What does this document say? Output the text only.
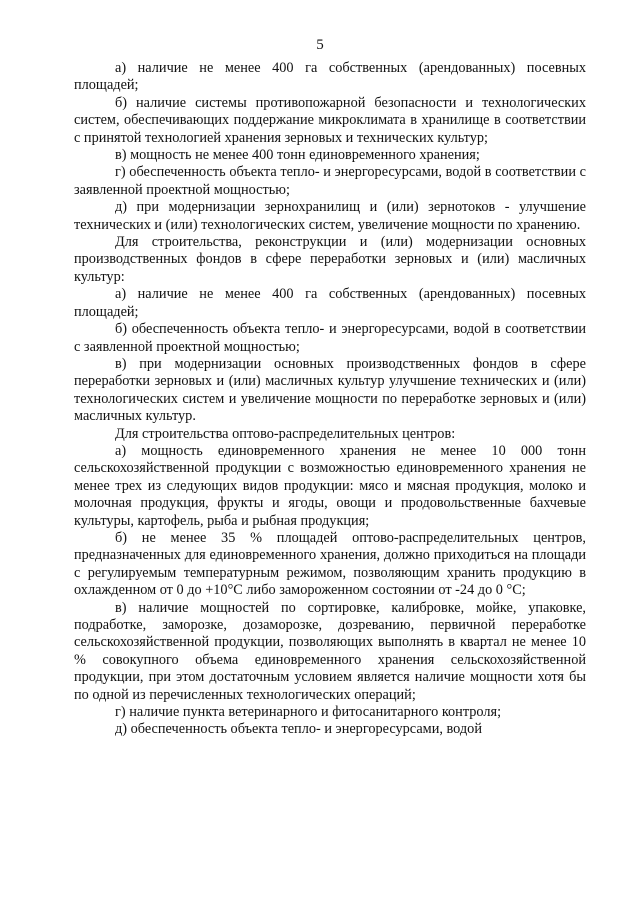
5

а) наличие не менее 400 га собственных (арендованных) посевных площадей;

б) наличие системы противопожарной безопасности и технологических систем, обеспечивающих поддержание микроклимата в хранилище в соответствии с принятой технологией хранения зерновых и технических культур;

в) мощность не менее 400 тонн единовременного хранения;

г) обеспеченность объекта тепло- и энергоресурсами, водой в соответствии с заявленной проектной мощностью;

д) при модернизации зернохранилищ и (или) зернотоков - улучшение технических и (или) технологических систем, увеличение мощности по хранению.

Для строительства, реконструкции и (или) модернизации основных производственных фондов в сфере переработки зерновых и (или) масличных культур:

а) наличие не менее 400 га собственных (арендованных) посевных площадей;

б) обеспеченность объекта тепло- и энергоресурсами, водой в соответствии с заявленной проектной мощностью;

в) при модернизации основных производственных фондов в сфере переработки зерновых и (или) масличных культур улучшение технических и (или) технологических систем и увеличение мощности по переработке зерновых и (или) масличных культур.

Для строительства оптово-распределительных центров:

а) мощность единовременного хранения не менее 10 000 тонн сельскохозяйственной продукции с возможностью единовременного хранения не менее трех из следующих видов продукции: мясо и мясная продукция, молоко и молочная продукция, фрукты и ягоды, овощи и продовольственные бахчевые культуры, картофель, рыба и рыбная продукция;

б) не менее 35 % площадей оптово-распределительных центров, предназначенных для единовременного хранения, должно приходиться на площади с регулируемым температурным режимом, позволяющим хранить продукцию в охлажденном от 0 до +10°С либо замороженном состоянии от -24 до 0 °С;

в) наличие мощностей по сортировке, калибровке, мойке, упаковке, подработке, заморозке, дозаморозке, дозреванию, первичной переработке сельскохозяйственной продукции, позволяющих выполнять в квартал не менее 10 % совокупного объема единовременного хранения сельскохозяйственной продукции, при этом достаточным условием является наличие мощности хотя бы по одной из перечисленных технологических операций;

г) наличие пункта ветеринарного и фитосанитарного контроля;

д) обеспеченность объекта тепло- и энергоресурсами, водой
